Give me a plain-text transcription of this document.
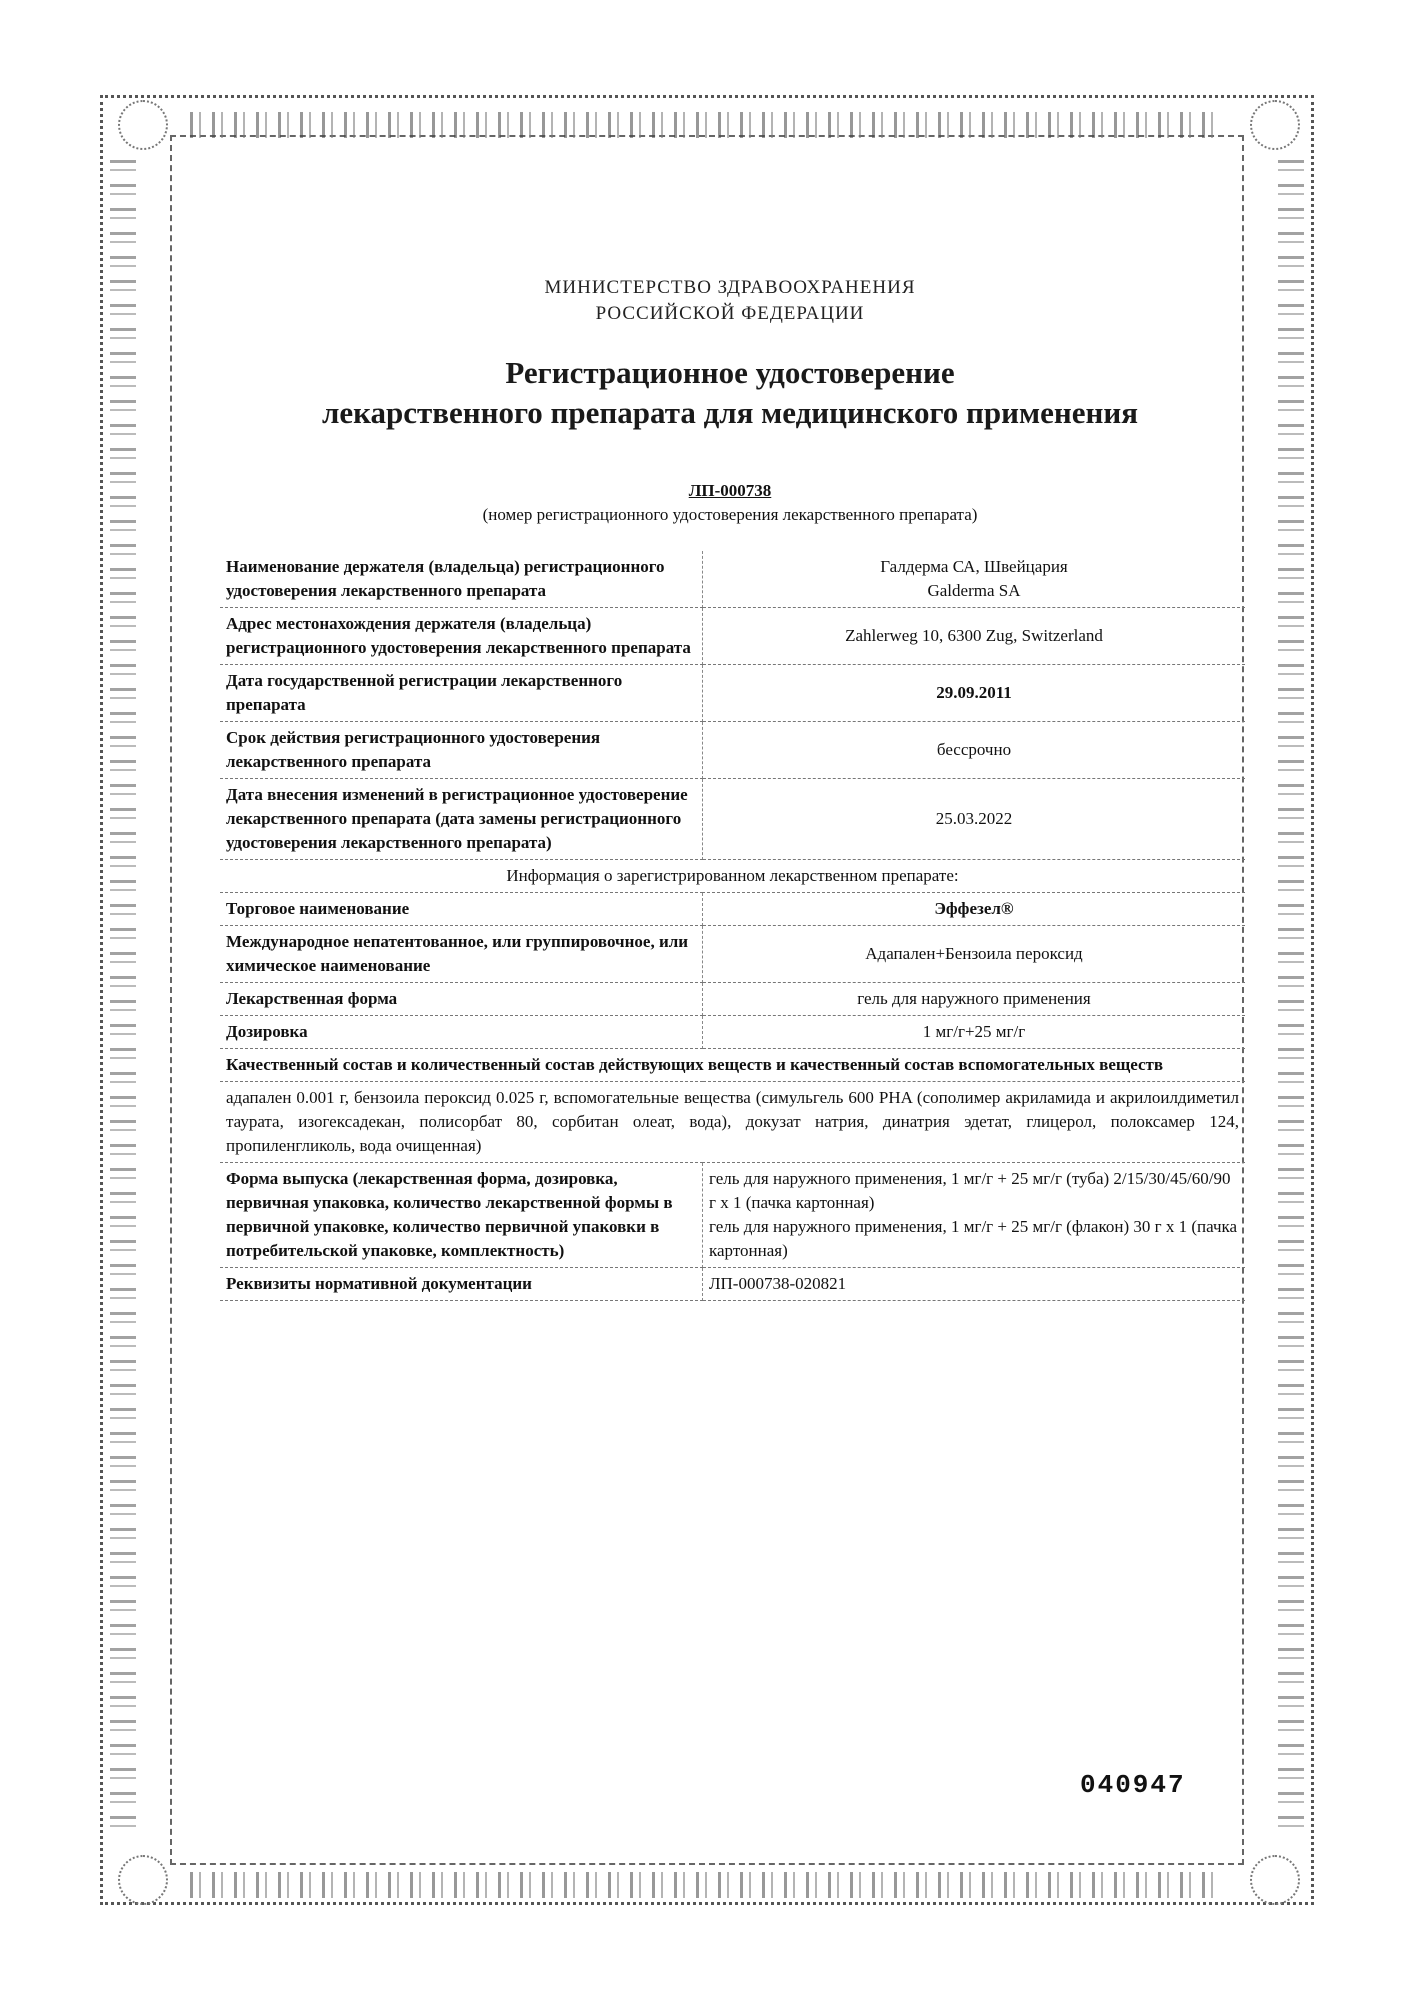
МИНИСТЕРСТВО ЗДРАВООХРАНЕНИЯ
РОССИЙСКОЙ ФЕДЕРАЦИИ
Регистрационное удостоверение
лекарственного препарата для медицинского применения
ЛП-000738
(номер регистрационного удостоверения лекарственного препарата)
Наименование держателя (владельца) регистрационного удостоверения лекарственного препарата	Галдерма СА, Швейцария
Galderma SA

Адрес местонахождения держателя (владельца) регистрационного удостоверения лекарственного препарата	Zahlerweg 10, 6300 Zug, Switzerland
Дата государственной регистрации лекарственного препарата	29.09.2011
Срок действия регистрационного удостоверения лекарственного препарата	бессрочно
Дата внесения изменений в регистрационное удостоверение лекарственного препарата (дата замены регистрационного удостоверения лекарственного препарата)	25.03.2022
Информация о зарегистрированном лекарственном препарате:	
Торговое наименование	Эффезел®
Международное непатентованное, или группировочное, или химическое наименование	Адапален+Бензоила пероксид
Лекарственная форма	гель для наружного применения
Дозировка	1 мг/г+25 мг/г
Качественный состав и количественный состав действующих веществ и качественный состав вспомогательных веществ	
адапален 0.001 г, бензоила пероксид 0.025 г, вспомогательные вещества (симульгель 600 PHA (сополимер акриламида и акрилоилдиметил таурата, изогексадекан, полисорбат 80, сорбитан олеат, вода), докузат натрия, динатрия эдетат, глицерол, полоксамер 124, пропиленгликоль, вода очищенная)	
Форма выпуска (лекарственная форма, дозировка, первичная упаковка, количество лекарственной формы в первичной упаковке, количество первичной упаковки в потребительской упаковке, комплектность)	гель для наружного применения, 1 мг/г + 25 мг/г (туба) 2/15/30/45/60/90 г x 1 (пачка картонная)
гель для наружного применения, 1 мг/г + 25 мг/г (флакон) 30 г x 1 (пачка картонная)

Реквизиты нормативной документации	ЛП-000738-020821
040947
